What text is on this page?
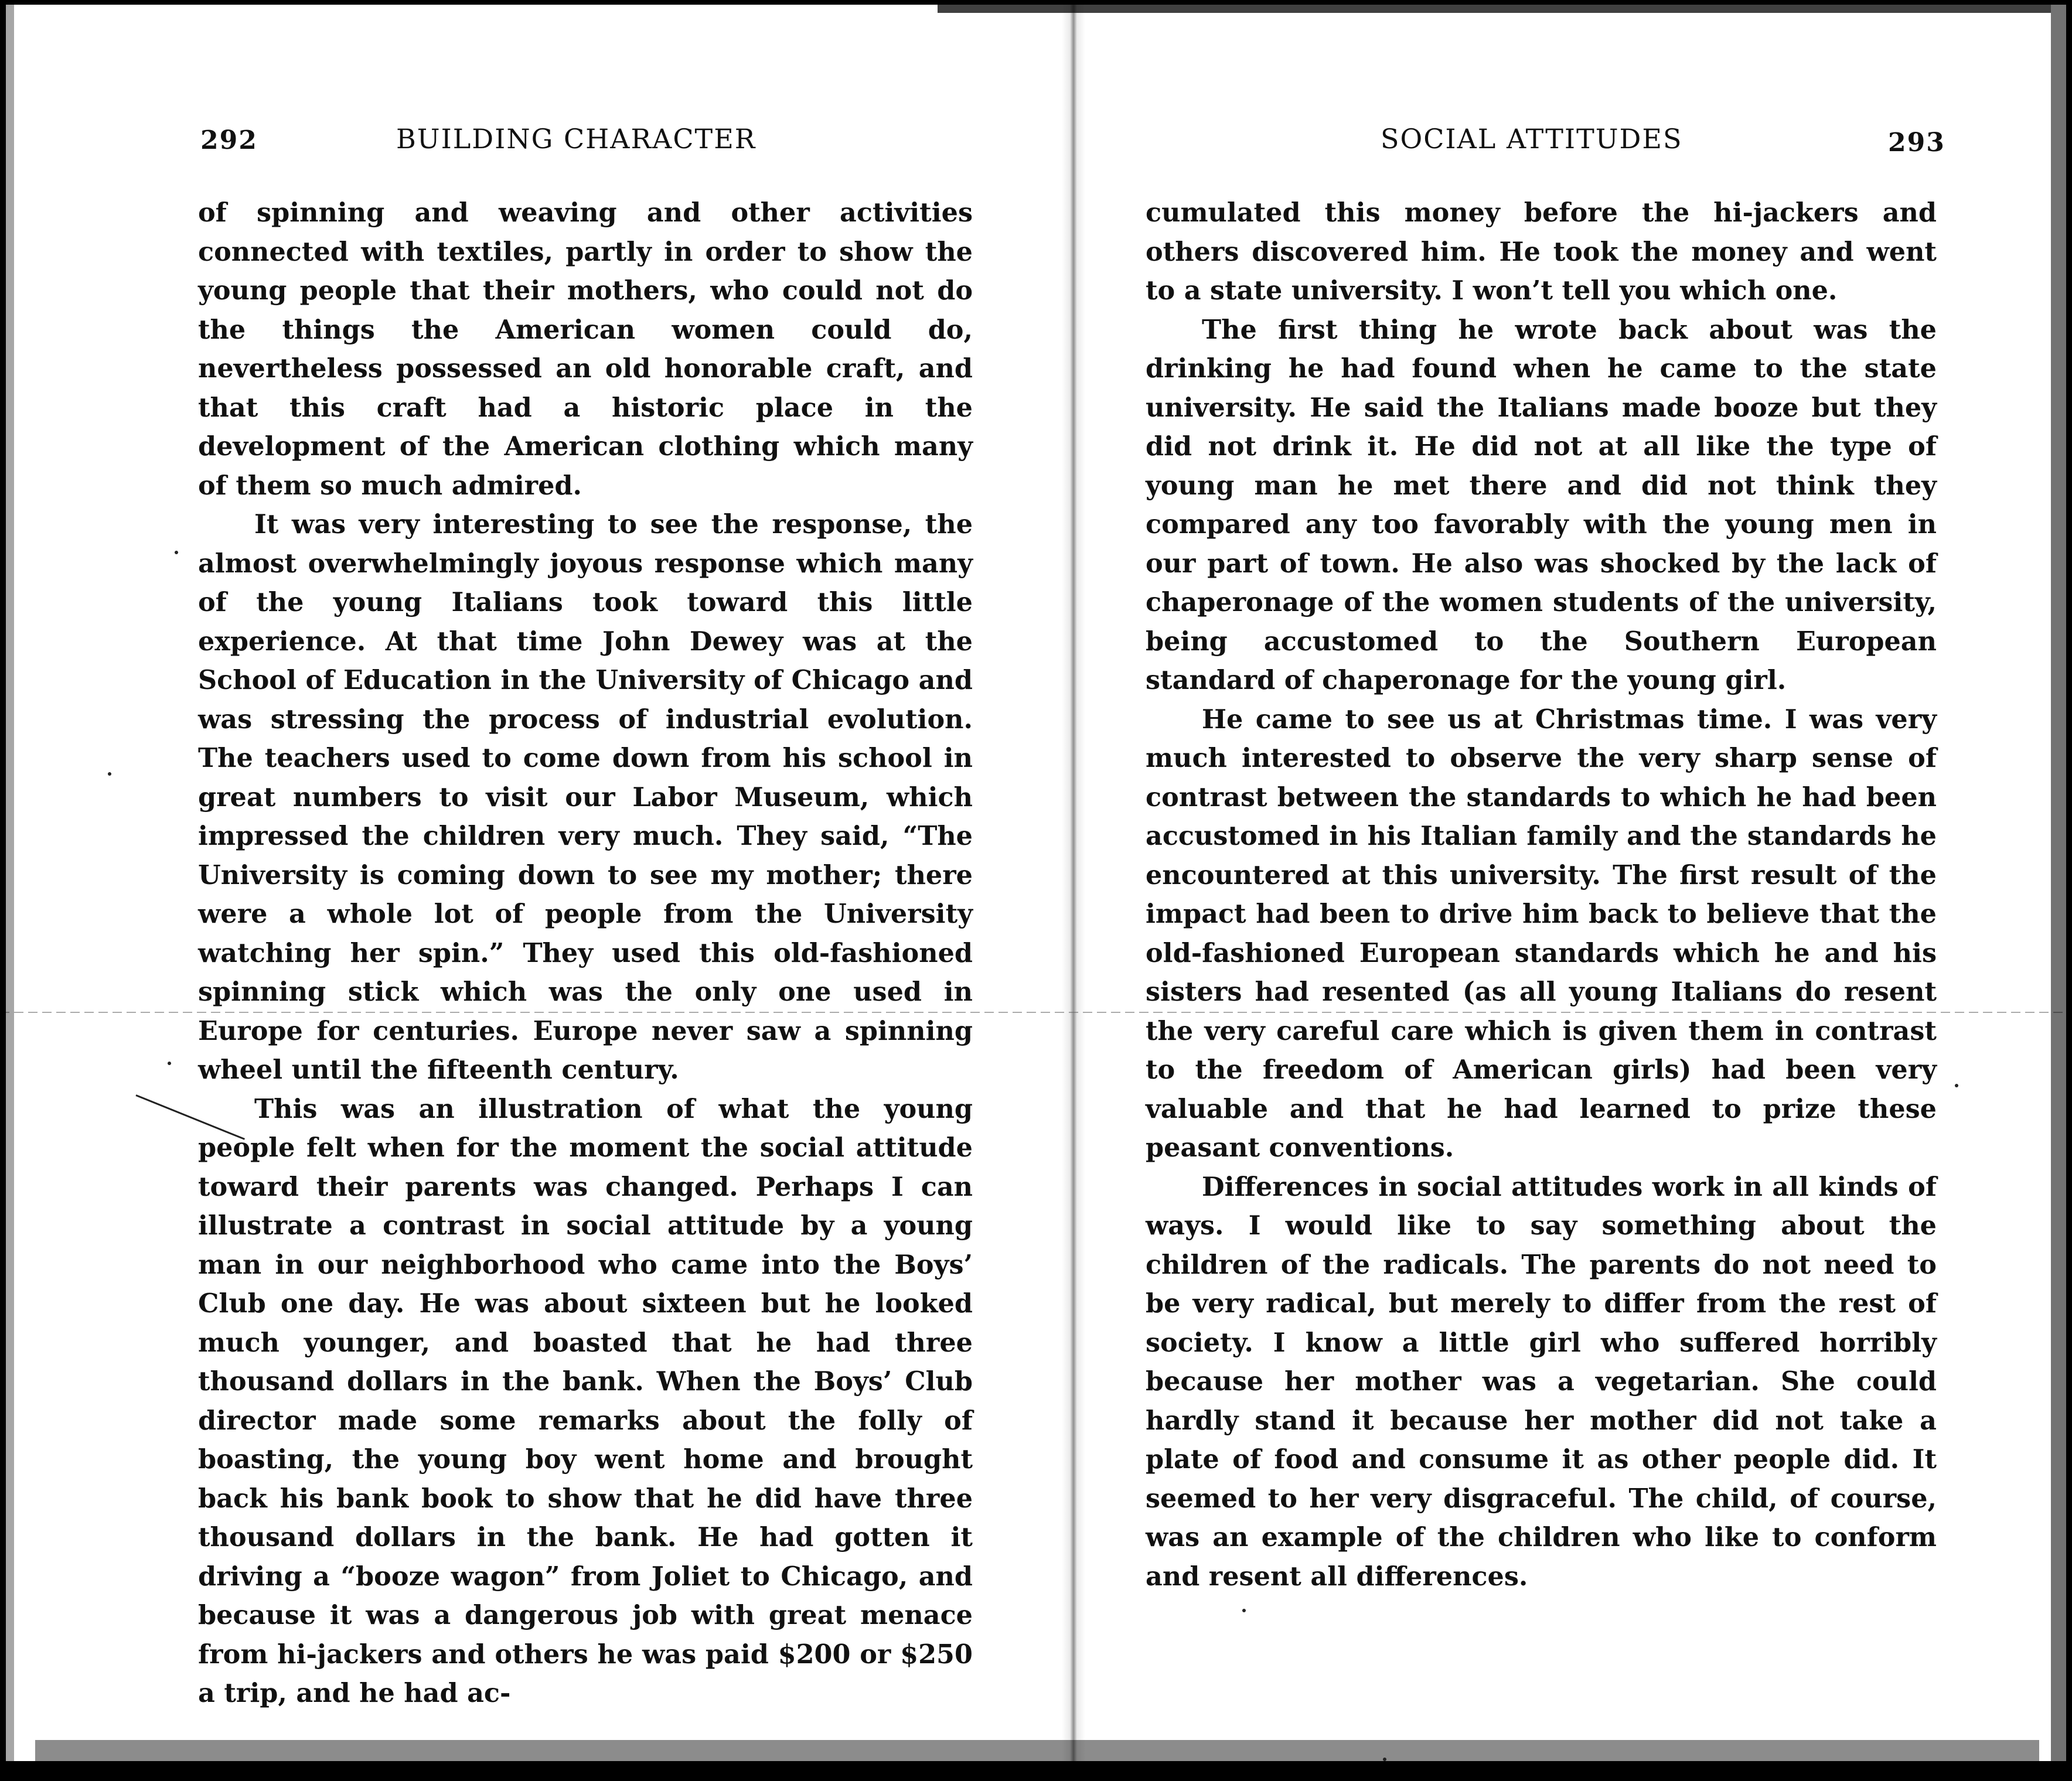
292	BUILDING CHARACTER

of spinning and weaving and other activities connected with textiles, partly in order to show the young people that their mothers, who could not do the things the American women could do, nevertheless possessed an old honorable craft, and that this craft had a historic place in the development of the American clothing which many of them so much admired.

It was very interesting to see the response, the almost overwhelmingly joyous response which many of the young Italians took toward this little experience. At that time John Dewey was at the School of Education in the University of Chicago and was stressing the process of industrial evolution. The teachers used to come down from his school in great numbers to visit our Labor Museum, which impressed the children very much. They said, “The University is coming down to see my mother; there were a whole lot of people from the University watching her spin.” They used this old-fashioned spinning stick which was the only one used in Europe for centuries. Europe never saw a spinning wheel until the fifteenth century.

This was an illustration of what the young people felt when for the moment the social attitude toward their parents was changed. Perhaps I can illustrate a contrast in social attitude by a young man in our neighborhood who came into the Boys’ Club one day. He was about sixteen but he looked much younger, and boasted that he had three thousand dollars in the bank. When the Boys’ Club director made some remarks about the folly of boasting, the young boy went home and brought back his bank book to show that he did have three thousand dollars in the bank. He had gotten it driving a “booze wagon” from Joliet to Chicago, and because it was a dangerous job with great menace from hi-jackers and others he was paid $200 or $250 a trip, and he had ac-

SOCIAL ATTITUDES	293

cumulated this money before the hi-jackers and others discovered him. He took the money and went to a state university. I won’t tell you which one.

The first thing he wrote back about was the drinking he had found when he came to the state university. He said the Italians made booze but they did not drink it. He did not at all like the type of young man he met there and did not think they compared any too favorably with the young men in our part of town. He also was shocked by the lack of chaperonage of the women students of the university, being accustomed to the Southern European standard of chaperonage for the young girl.

He came to see us at Christmas time. I was very much interested to observe the very sharp sense of contrast between the standards to which he had been accustomed in his Italian family and the standards he encountered at this university. The first result of the impact had been to drive him back to believe that the old-fashioned European standards which he and his sisters had resented (as all young Italians do resent the very careful care which is given them in contrast to the freedom of American girls) had been very valuable and that he had learned to prize these peasant conventions.

Differences in social attitudes work in all kinds of ways. I would like to say something about the children of the radicals. The parents do not need to be very radical, but merely to differ from the rest of society. I know a little girl who suffered horribly because her mother was a vegetarian. She could hardly stand it because her mother did not take a plate of food and consume it as other people did. It seemed to her very disgraceful. The child, of course, was an example of the children who like to conform and resent all differences.
